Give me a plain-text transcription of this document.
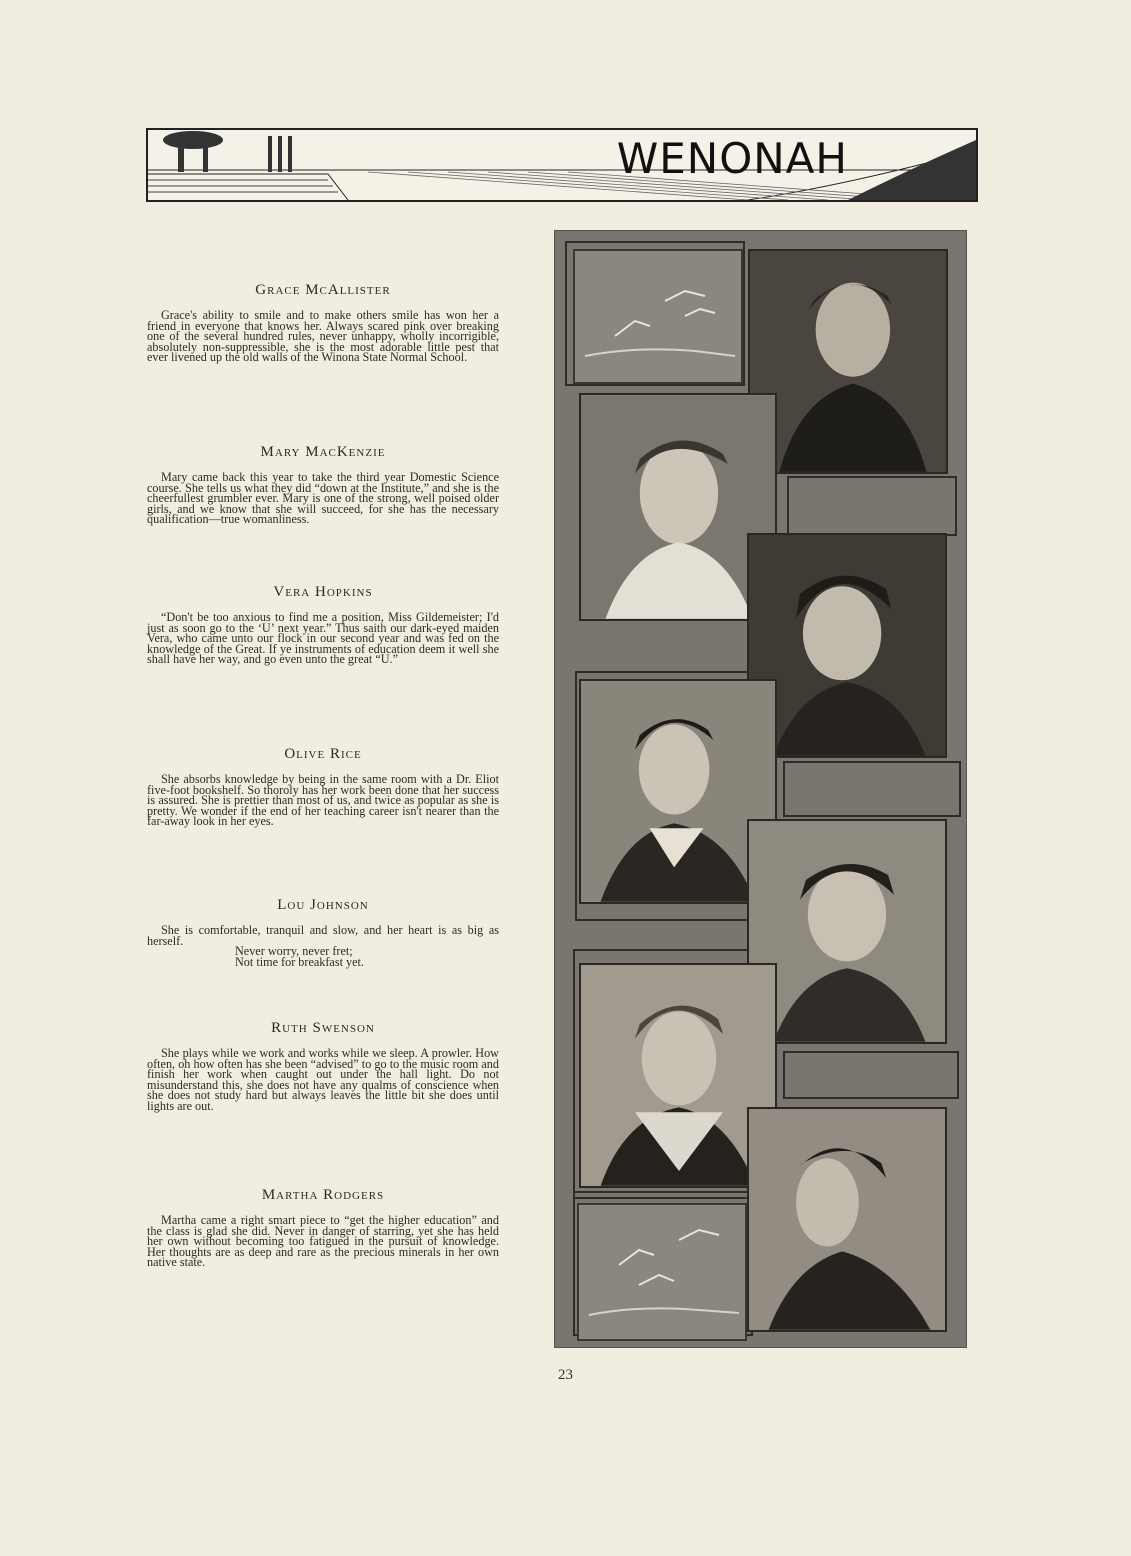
WENONAH
Grace McAllister

Grace's ability to smile and to make others smile has won her a friend in everyone that knows her. Always scared pink over breaking one of the several hundred rules, never unhappy, wholly incorrigible, absolutely non-suppressible, she is the most adorable little pest that ever livened up the old walls of the Winona State Normal School.

Mary MacKenzie

Mary came back this year to take the third year Domestic Science course. She tells us what they did “down at the Institute,” and she is the cheerfullest grumbler ever. Mary is one of the strong, well poised older girls, and we know that she will succeed, for she has the necessary qualification—true womanliness.

Vera Hopkins

“Don't be too anxious to find me a position, Miss Gildemeister; I'd just as soon go to the ‘U’ next year.” Thus saith our dark-eyed maiden Vera, who came unto our flock in our second year and was fed on the knowledge of the Great. If ye instruments of education deem it well she shall have her way, and go even unto the great “U.”

Olive Rice

She absorbs knowledge by being in the same room with a Dr. Eliot five-foot bookshelf. So thoroly has her work been done that her success is assured. She is prettier than most of us, and twice as popular as she is pretty. We wonder if the end of her teaching career isn't nearer than the far-away look in her eyes.

Lou Johnson

She is comfortable, tranquil and slow, and her heart is as big as herself.
Never worry, never fret;
Not time for breakfast yet.

Ruth Swenson

She plays while we work and works while we sleep. A prowler. How often, oh how often has she been “advised” to go to the music room and finish her work when caught out under the hall light. Do not misunderstand this, she does not have any qualms of conscience when she does not study hard but always leaves the little bit she does until lights are out.

Martha Rodgers

Martha came a right smart piece to “get the higher education” and the class is glad she did. Never in danger of starring, yet she has held her own without becoming too fatigued in the pursuit of knowledge. Her thoughts are as deep and rare as the precious minerals in her own native state.

23
